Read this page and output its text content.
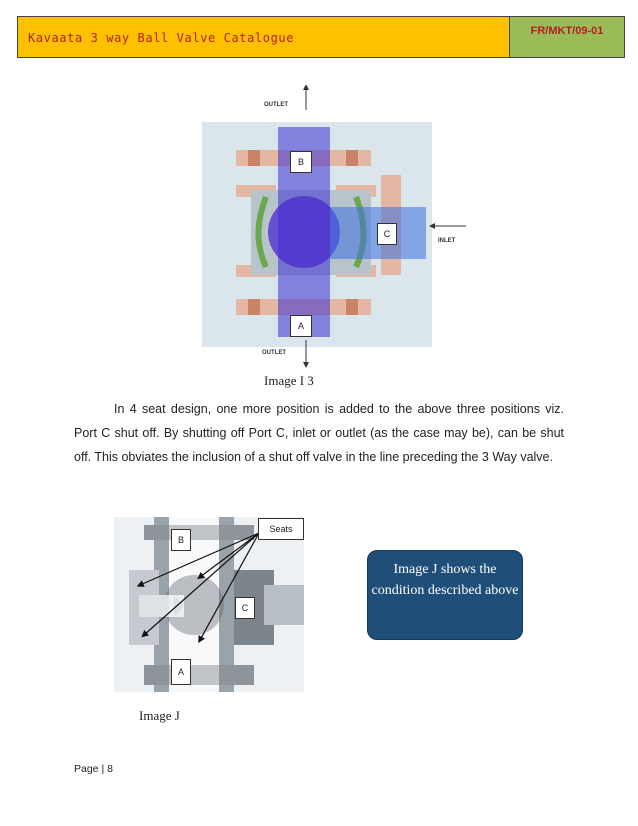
Kavaata 3 way Ball Valve Catalogue	FR/MKT/09-01
OUTLET
OUTLET
INLET
B
C
A
Image I 3
In 4 seat design, one more position is added to the above three positions viz. Port C shut off. By shutting off Port C, inlet or outlet (as the case may be), can be shut off. This obviates the inclusion of a shut off valve in the line preceding the 3 Way valve.
Seats
B
C
A
Image J
Image J shows the condition described above
Page | 8
